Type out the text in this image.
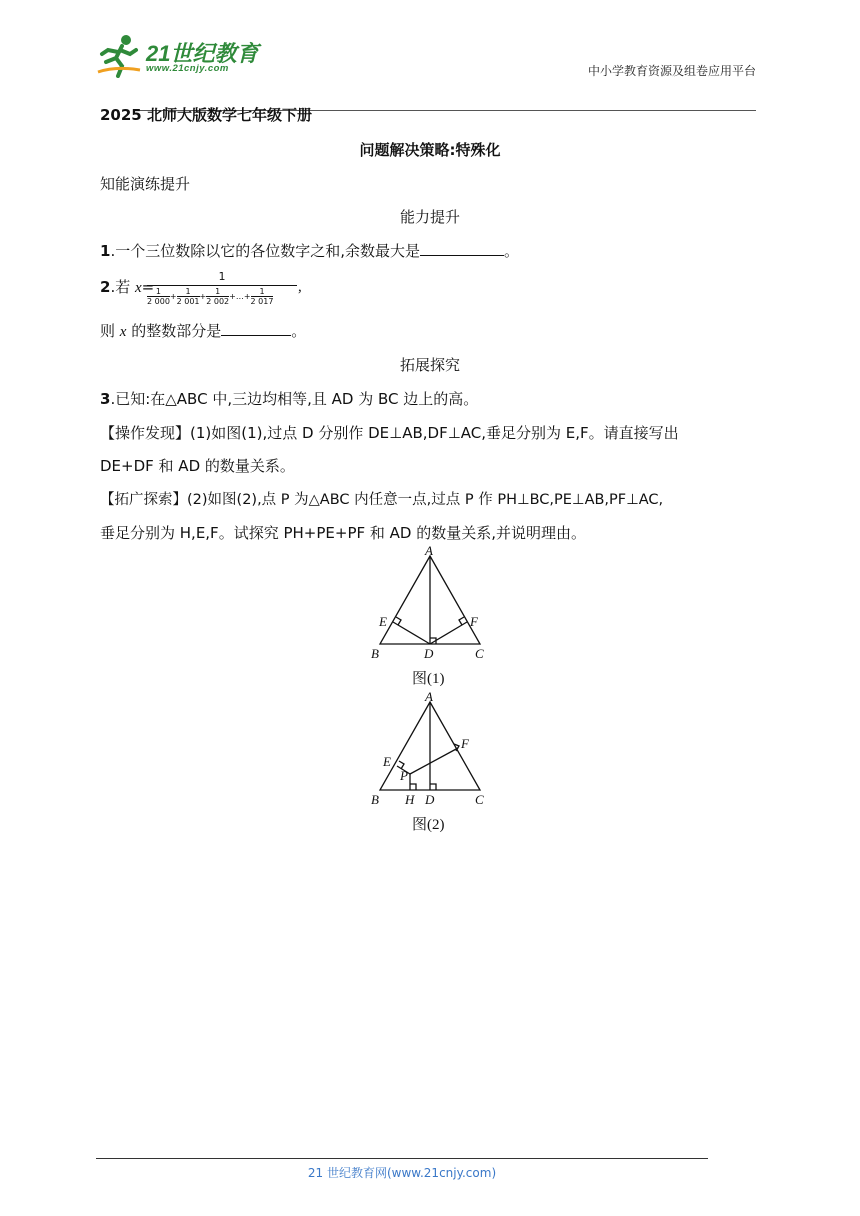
21世纪教育
www.21cnjy.com	中小学教育资源及组卷应用平台
2025 北师大版数学七年级下册
问题解决策略:特殊化
知能演练提升
能力提升
1.一个三位数除以它的各位数字之和,余数最大是	。
2.若 x=
1
$\frac{1}{2 000} + \frac{1}{2 001} + \frac{1}{2 002}$ +…+ $\frac{1}{2 017}$ ,
则 x 的整数部分是	。
拓展探究
3.已知:在△ABC 中,三边均相等,且 AD 为 BC 边上的高。
【操作发现】(1)如图(1),过点 D 分别作 DE⊥AB,DF⊥AC,垂足分别为 E,F。请直接写出
DE+DF 和 AD 的数量关系。
【拓广探索】(2)如图(2),点 P 为△ABC 内任意一点,过点 P 作 PH⊥BC,PE⊥AB,PF⊥AC,
垂足分别为 H,E,F。试探究 PH+PE+PF 和 AD 的数量关系,并说明理由。
A
B	C
D
E	F
图(1)
A
B	C
D
H
E
F
P
图(2)
21 世纪教育网(www.21cnjy.com)
